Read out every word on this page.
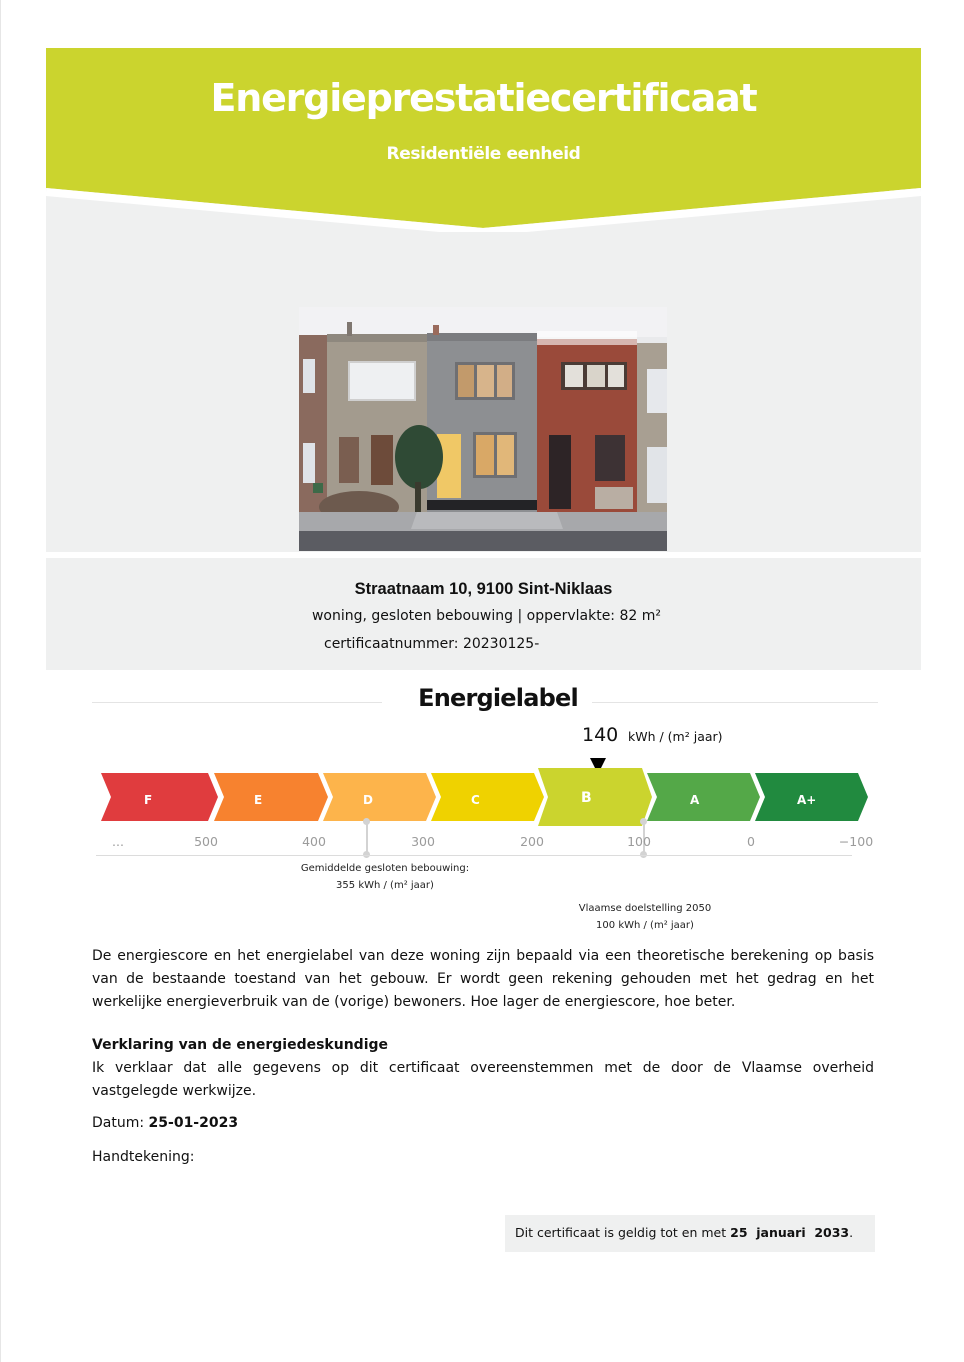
Energieprestatiecertificaat
Residentiële eenheid
Straatnaam 10, 9100 Sint-Niklaas
woning, gesloten bebouwing | oppervlakte: 82 m²
certificaatnummer: 20230125-
Energielabel
140 kWh / (m² jaar)
F	E	D	C	B	A	A+
...	500	400	300	200	100	0	−100
Gemiddelde gesloten bebouwing:
355 kWh / (m² jaar)
Vlaamse doelstelling 2050
100 kWh / (m² jaar)
De energiescore en het energielabel van deze woning zijn bepaald via een theoretische berekening op basis van de bestaande toestand van het gebouw. Er wordt geen rekening gehouden met het gedrag en het werkelijke energieverbruik van de (vorige) bewoners. Hoe lager de energiescore, hoe beter.
Verklaring van de energiedeskundige
Ik verklaar dat alle gegevens op dit certificaat overeenstemmen met de door de Vlaamse overheid vastgelegde werkwijze.
Datum: 25-01-2023
Handtekening:
Dit certificaat is geldig tot en met 25  januari  2033.
